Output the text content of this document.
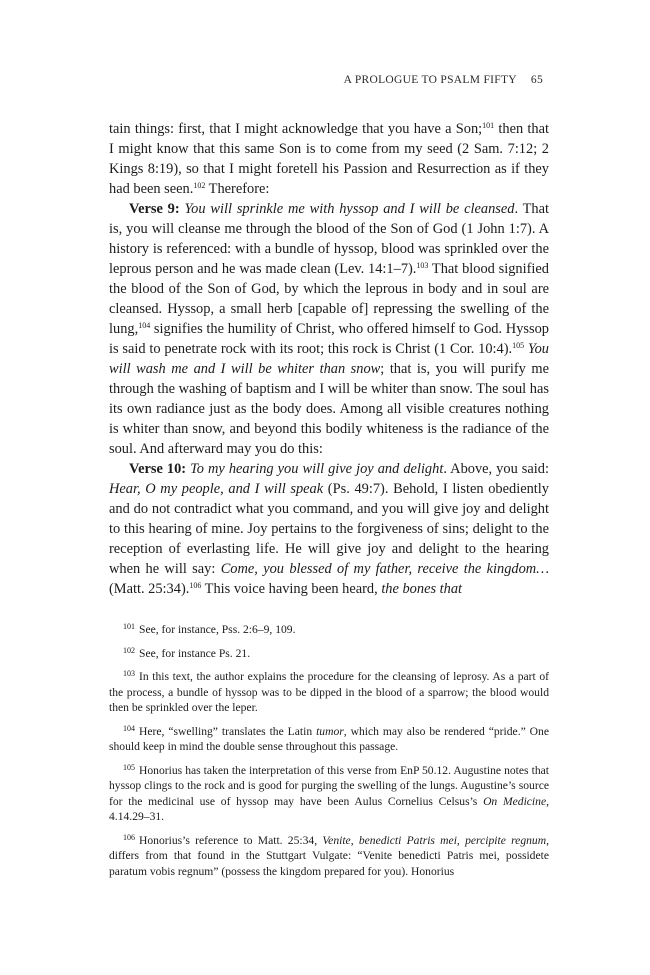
A PROLOGUE TO PSALM FIFTY 65

tain things: first, that I might acknowledge that you have a Son;$^{101}$ then that I might know that this same Son is to come from my seed (2 Sam. 7:12; 2 Kings 8:19), so that I might foretell his Passion and Resurrection as if they had been seen.$^{102}$ Therefore:

Verse 9: You will sprinkle me with hyssop and I will be cleansed. That is, you will cleanse me through the blood of the Son of God (1 John 1:7). A history is referenced: with a bundle of hyssop, blood was sprinkled over the leprous person and he was made clean (Lev. 14:1–7).$^{103}$ That blood signified the blood of the Son of God, by which the leprous in body and in soul are cleansed. Hyssop, a small herb [capable of] repressing the swelling of the lung,$^{104}$ signifies the humility of Christ, who offered himself to God. Hyssop is said to penetrate rock with its root; this rock is Christ (1 Cor. 10:4).$^{105}$ You will wash me and I will be whiter than snow; that is, you will purify me through the washing of baptism and I will be whiter than snow. The soul has its own radiance just as the body does. Among all visible creatures nothing is whiter than snow, and beyond this bodily whiteness is the radiance of the soul. And afterward may you do this:

Verse 10: To my hearing you will give joy and delight. Above, you said: Hear, O my people, and I will speak (Ps. 49:7). Behold, I listen obediently and do not contradict what you command, and you will give joy and delight to this hearing of mine. Joy pertains to the forgiveness of sins; delight to the reception of everlasting life. He will give joy and delight to the hearing when he will say: Come, you blessed of my father, receive the kingdom… (Matt. 25:34).$^{106}$ This voice having been heard, the bones that

$^{101}$ See, for instance, Pss. 2:6–9, 109.

$^{102}$ See, for instance Ps. 21.

$^{103}$ In this text, the author explains the procedure for the cleansing of leprosy. As a part of the process, a bundle of hyssop was to be dipped in the blood of a sparrow; the blood would then be sprinkled over the leper.

$^{104}$ Here, “swelling” translates the Latin tumor, which may also be rendered “pride.” One should keep in mind the double sense throughout this passage.

$^{105}$ Honorius has taken the interpretation of this verse from EnP 50.12. Augustine notes that hyssop clings to the rock and is good for purging the swelling of the lungs. Augustine’s source for the medicinal use of hyssop may have been Aulus Cornelius Celsus’s On Medicine, 4.14.29–31.

$^{106}$ Honorius’s reference to Matt. 25:34, Venite, benedicti Patris mei, percipite regnum, differs from that found in the Stuttgart Vulgate: “Venite benedicti Patris mei, possidete paratum vobis regnum” (possess the kingdom prepared for you). Honorius
